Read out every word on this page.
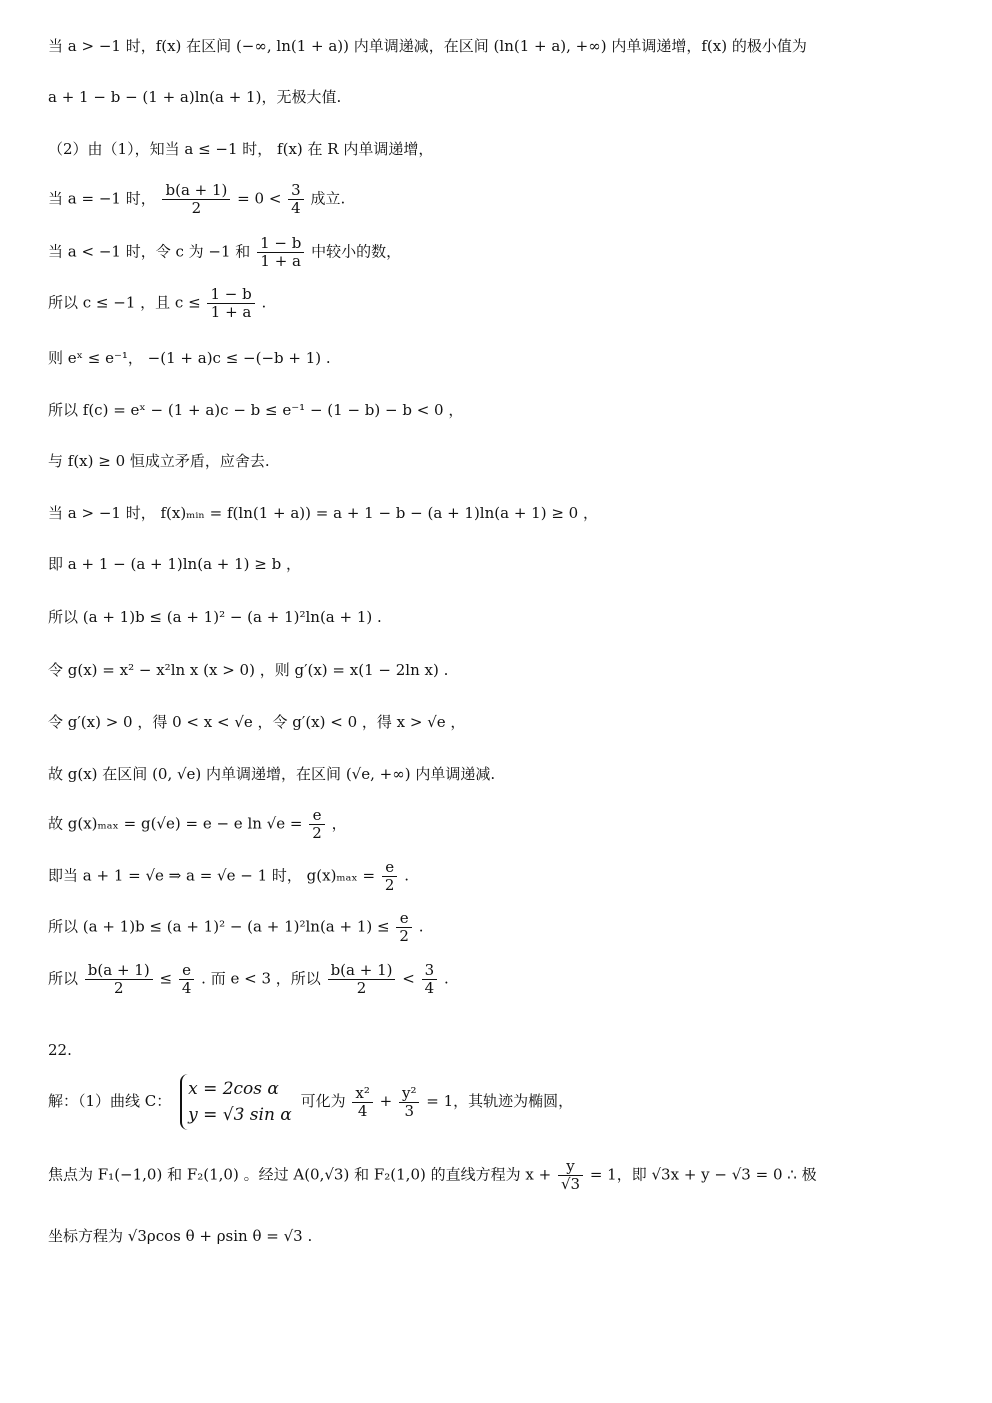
当 a > −1 时，f(x) 在区间 (−∞, ln(1 + a)) 内单调递减，在区间 (ln(1 + a), +∞) 内单调递增，f(x) 的极小值为
a + 1 − b − (1 + a)ln(a + 1)，无极大值.
（2）由（1），知当 a ≤ −1 时， f(x) 在 R 内单调递增，
当 a = −1 时， $\frac{b(a + 1)}{2} = 0 < \frac{3}{4}$ 成立.
当 a < −1 时，令 c 为 −1 和 $\frac{1 - b}{1 + a}$ 中较小的数，
所以 c ≤ −1 ，且 $c \le \frac{1 - b}{1 + a}$ .
则 eˣ ≤ e⁻¹， −(1 + a)c ≤ −(−b + 1) .
所以 f(c) = eˣ − (1 + a)c − b ≤ e⁻¹ − (1 − b) − b < 0 ，
与 f(x) ≥ 0 恒成立矛盾，应舍去.
当 a > −1 时， f(x)ₘᵢₙ = f(ln(1 + a)) = a + 1 − b − (a + 1)ln(a + 1) ≥ 0 ，
即 a + 1 − (a + 1)ln(a + 1) ≥ b ，
所以 (a + 1)b ≤ (a + 1)² − (a + 1)²ln(a + 1) .
令 g(x) = x² − x²ln x (x > 0) ，则 g′(x) = x(1 − 2ln x) .
令 g′(x) > 0 ，得 0 < x < √e ，令 g′(x) < 0 ，得 x > √e ，
故 g(x) 在区间 (0, √e) 内单调递增，在区间 (√e, +∞) 内单调递减.
故 g(x)ₘₐₓ = g(√e) = e − e $\ln √e = \frac{e}{2}$ ，
即当 a + 1 = √e ⇒ a = √e − 1 时， $g(x)_{max} = \frac{e}{2}$ .
所以 $(a + 1)b \le (a + 1)^2 - (a + 1)^2\ln(a + 1) \le \frac{e}{2}$ .
所以 $\frac{b(a + 1)}{2} \le \frac{e}{4}$ . 而 e < 3 ，所以 $\frac{b(a + 1)}{2} < \frac{3}{4}$ .
22.
解：（1）曲线 C：
x = 2cos α
y = √3 sin α
可化为 $\frac{\text{x²}}{4} + \frac{\text{y²}}{3} = 1$，其轨迹为椭圆，
焦点为 F₁(−1,0) 和 F₂(1,0) 。经过 A(0,√3) 和 F₂(1,0) 的直线方程为 $x + \frac{y}{√3} = 1$，即 √3x + y − √3 = 0 ∴ 极
坐标方程为 √3ρcos θ + ρsin θ = √3 .
